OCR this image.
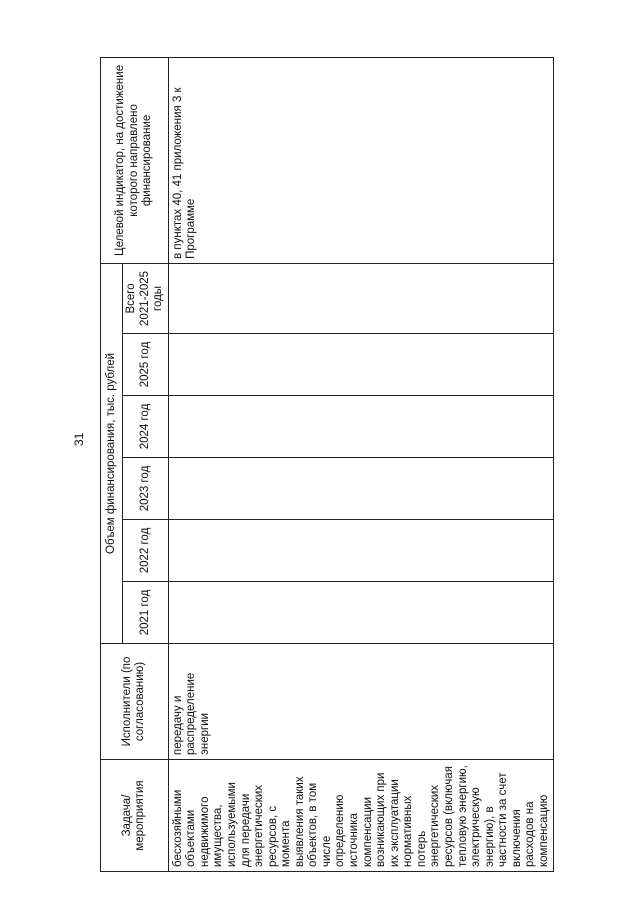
31
Задача/мероприятия	Исполнители (по согласованию)	Объем финансирования, тыс. рублей						Целевой индикатор, на достижение которого направлено финансирование
		2021 год	2022 год	2023 год	2024 год	2025 год	Всего 2021-2025 годы	
бесхозяйными объектами недвижимого имущества, используемыми для передачи энергетических ресурсов, с момента выявления таких объектов, в том числе определению источника компенсации возникающих при их эксплуатации нормативных потерь энергетических ресурсов (включая тепловую энергию, электрическую энергию), в частности за счет включения расходов на компенсацию	передачу и распределение энергии							в пунктах 40, 41 приложения 3 к Программе
